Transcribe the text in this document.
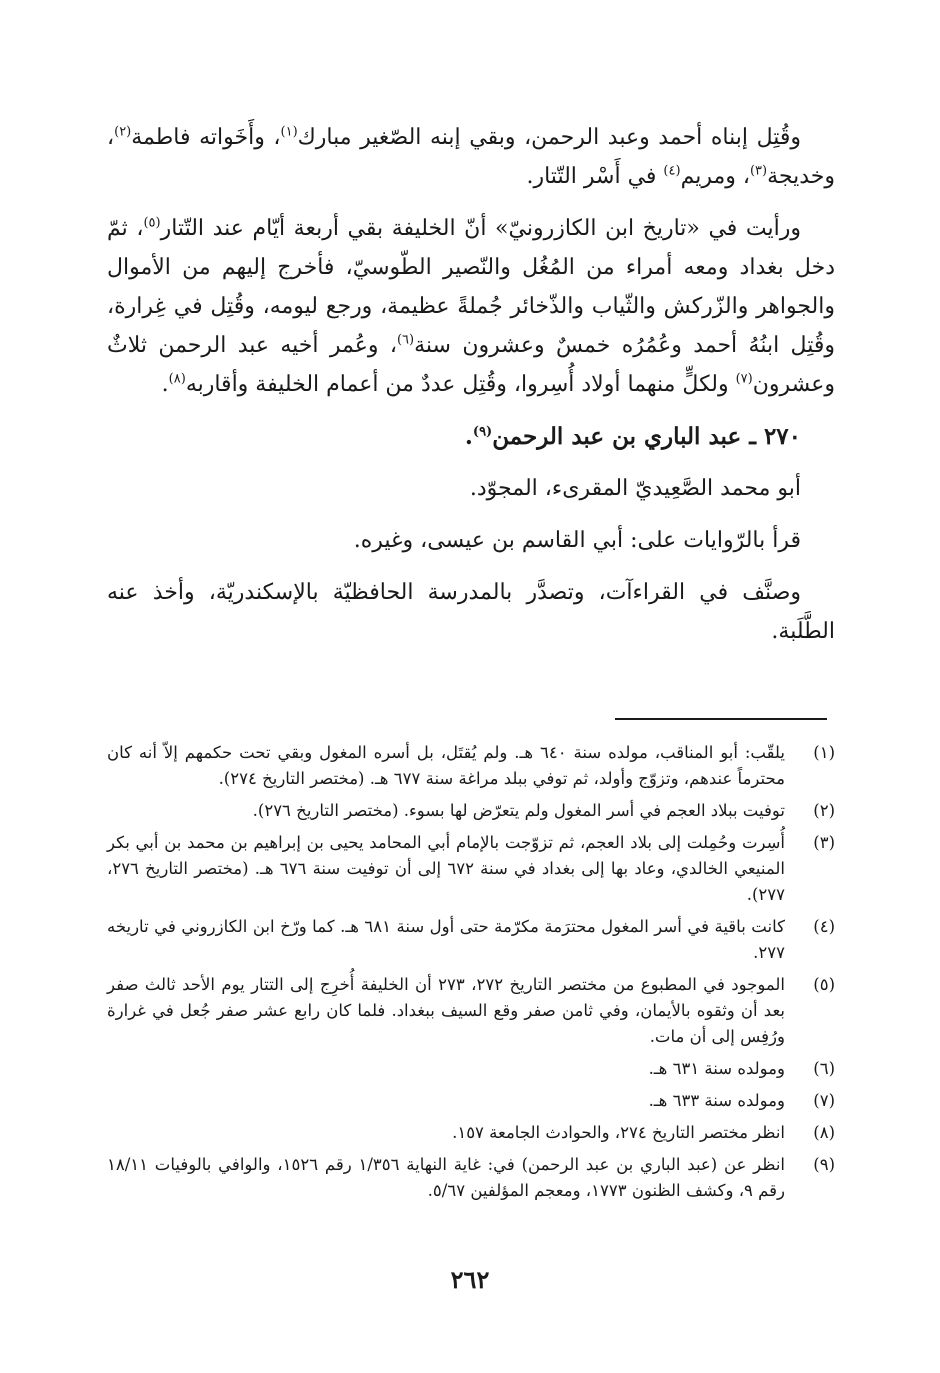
وقُتِل إبناه أحمد وعبد الرحمن، وبقي إبنه الصّغير مبارك$^{(١)}$، وأَخَواته فاطمة$^{(٢)}$، وخديجة$^{(٣)}$، ومريم$^{(٤)}$ في أَسْر التّتار.

ورأيت في «تاريخ ابن الكازرونيّ» أنّ الخليفة بقي أربعة أيّام عند التّتار$^{(٥)}$، ثمّ دخل بغداد ومعه أمراء من المُغُل والنّصير الطّوسيّ، فأخرج إليهم من الأموال والجواهر والزّركش والثّياب والذّخائر جُملةً عظيمة، ورجع ليومه، وقُتِل في غِرارة، وقُتِل ابنُهُ أحمد وعُمُرُه خمسٌ وعشرون سنة$^{(٦)}$، وعُمر أخيه عبد الرحمن ثلاثٌ وعشرون$^{(٧)}$ ولكلٍّ منهما أولاد أُسِروا، وقُتِل عددٌ من أعمام الخليفة وأقاربه$^{(٨)}$.

٢٧٠ ـ عبد الباري بن عبد الرحمن$^{(٩)}$.

أبو محمد الصَّعِيديّ المقرىء، المجوّد.

قرأ بالرّوايات على: أبي القاسم بن عيسى، وغيره.

وصنَّف في القراءآت، وتصدَّر بالمدرسة الحافظيّة بالإسكندريّة، وأخذ عنه الطَّلَبة.

(١)
يلقّب: أبو المناقب، مولده سنة ٦٤٠ هـ. ولم يُقتَل، بل أسره المغول وبقي تحت حكمهم إلاّ أنه كان محترماً عندهم، وتزوّج وأولد، ثم توفي ببلد مراغة سنة ٦٧٧ هـ. (مختصر التاريخ ٢٧٤).
(٢)
توفيت ببلاد العجم في أسر المغول ولم يتعرّض لها بسوء. (مختصر التاريخ ٢٧٦).
(٣)
أُسِرت وحُمِلت إلى بلاد العجم، ثم تزوّجت بالإمام أبي المحامد يحيى بن إبراهيم بن محمد بن أبي بكر المنيعي الخالدي، وعاد بها إلى بغداد في سنة ٦٧٢ إلى أن توفيت سنة ٦٧٦ هـ. (مختصر التاريخ ٢٧٦، ٢٧٧).
(٤)
كانت باقية في أسر المغول محترَمة مكرّمة حتى أول سنة ٦٨١ هـ. كما ورّخ ابن الكازروني في تاريخه ٢٧٧.
(٥)
الموجود في المطبوع من مختصر التاريخ ٢٧٢، ٢٧٣ أن الخليفة أُخرِج إلى التتار يوم الأحد ثالث صفر بعد أن وثقوه بالأيمان، وفي ثامن صفر وقع السيف ببغداد. فلما كان رابع عشر صفر جُعل في غرارة ورُفِس إلى أن مات.
(٦)
ومولده سنة ٦٣١ هـ.
(٧)
ومولده سنة ٦٣٣ هـ.
(٨)
انظر مختصر التاريخ ٢٧٤، والحوادث الجامعة ١٥٧.
(٩)
انظر عن (عبد الباري بن عبد الرحمن) في: غاية النهاية ١/٣٥٦ رقم ١٥٢٦، والوافي بالوفيات ١٨/١١ رقم ٩، وكشف الظنون ١٧٧٣، ومعجم المؤلفين ٥/٦٧.
٢٦٢
